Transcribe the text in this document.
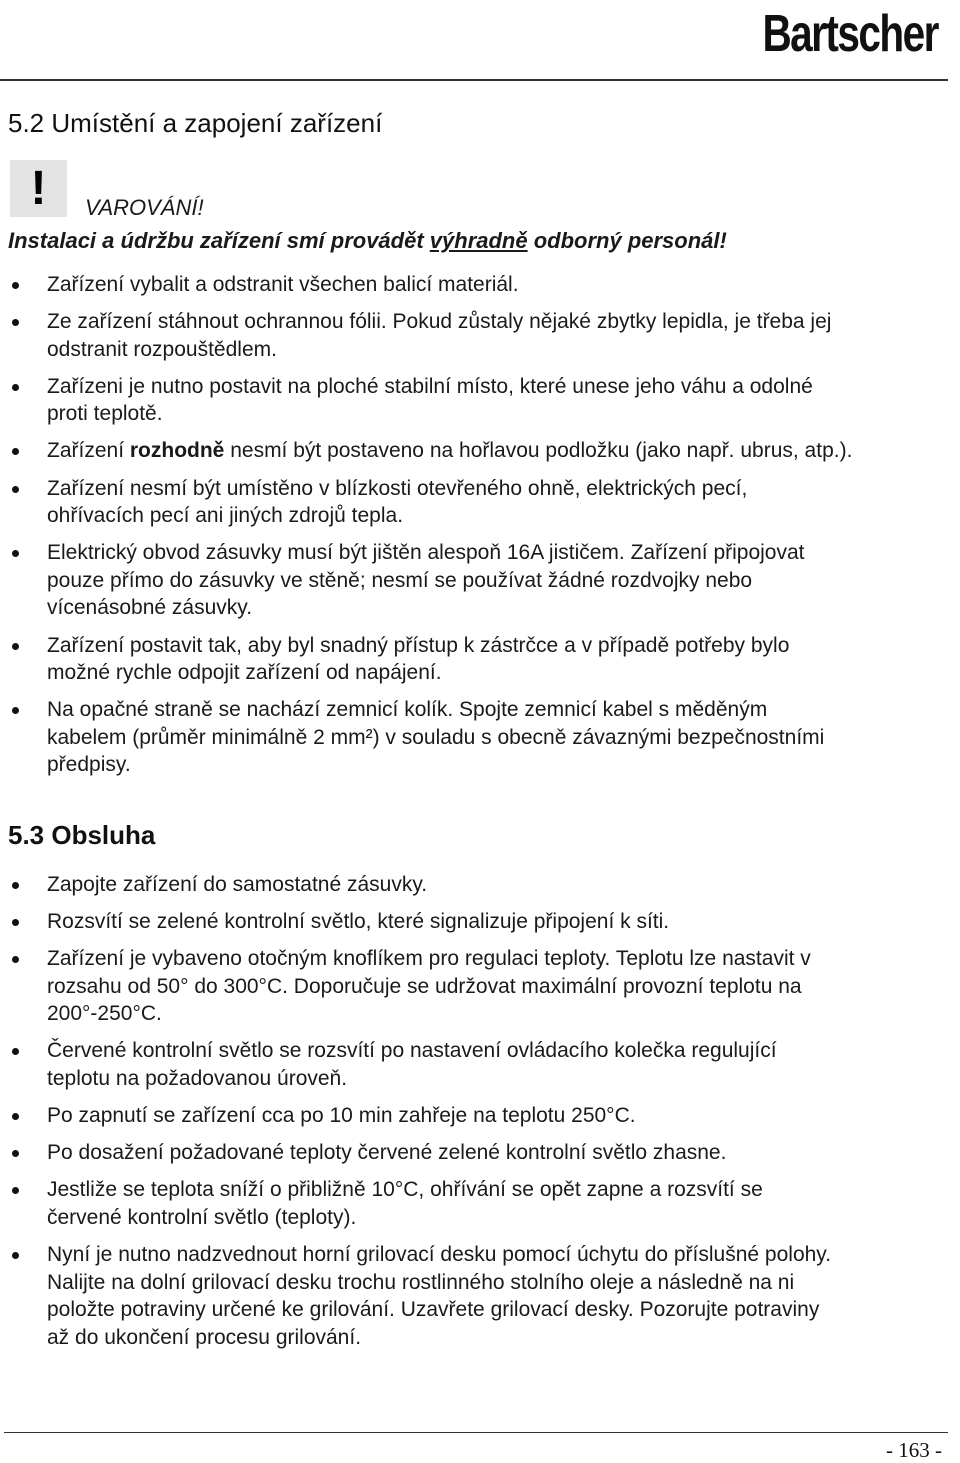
Bartscher
5.2 Umístění a zapojení zařízení
! VAROVÁNÍ!
Instalaci a údržbu zařízení smí provádět výhradně odborný personál!
Zařízení vybalit a odstranit všechen balicí materiál.
Ze zařízení stáhnout ochrannou fólii. Pokud zůstaly nějaké zbytky lepidla, je třeba jej
odstranit rozpouštědlem.
Zařízeni je nutno postavit na ploché stabilní místo, které unese jeho váhu a odolné
proti teplotě.
Zařízení rozhodně nesmí být postaveno na hořlavou podložku (jako např. ubrus, atp.).
Zařízení nesmí být umístěno v blízkosti otevřeného ohně, elektrických pecí,
ohřívacích pecí ani jiných zdrojů tepla.
Elektrický obvod zásuvky musí být jištěn alespoň 16A jističem. Zařízení připojovat
pouze přímo do zásuvky ve stěně; nesmí se používat žádné rozdvojky nebo
vícenásobné zásuvky.
Zařízení postavit tak, aby byl snadný přístup k zástrčce a v případě potřeby bylo
možné rychle odpojit zařízení od napájení.
Na opačné straně se nachází zemnicí kolík. Spojte zemnicí kabel s měděným
kabelem (průměr minimálně 2 mm²) v souladu s obecně závaznými bezpečnostními
předpisy.
5.3 Obsluha
Zapojte zařízení do samostatné zásuvky.
Rozsvítí se zelené kontrolní světlo, které signalizuje připojení k síti.
Zařízení je vybaveno otočným knoflíkem pro regulaci teploty. Teplotu lze nastavit v
rozsahu od 50° do 300°C. Doporučuje se udržovat maximální provozní teplotu na
200°-250°C.
Červené kontrolní světlo se rozsvítí po nastavení ovládacího kolečka regulující
teplotu na požadovanou úroveň.
Po zapnutí se zařízení cca po 10 min zahřeje na teplotu 250°C.
Po dosažení požadované teploty červené zelené kontrolní světlo zhasne.
Jestliže se teplota sníží o přibližně 10°C, ohřívání se opět zapne a rozsvítí se
červené kontrolní světlo (teploty).
Nyní je nutno nadzvednout horní grilovací desku pomocí úchytu do příslušné polohy.
Nalijte na dolní grilovací desku trochu rostlinného stolního oleje a následně na ni
položte potraviny určené ke grilování. Uzavřete grilovací desky. Pozorujte potraviny
až do ukončení procesu grilování.
- 163 -
